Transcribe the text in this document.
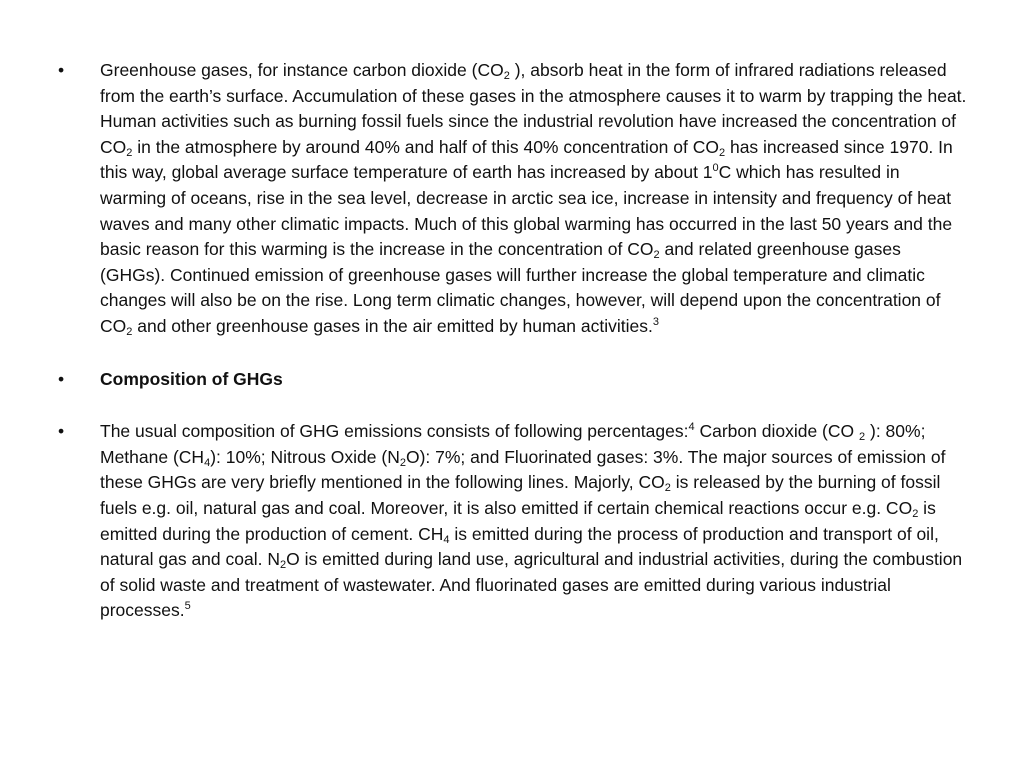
•	Greenhouse gases, for instance carbon dioxide ($CO_2$ ), absorb heat in the form of infrared radiations released from the earth’s surface. Accumulation of these gases in the atmosphere causes it to warm by trapping the heat. Human activities such as burning fossil fuels since the industrial revolution have increased the concentration of $CO_2$ in the atmosphere by around 40% and half of this 40% concentration of $CO_2$ has increased since 1970. In this way, global average surface temperature of earth has increased by about $1^0C$ which has resulted in warming of oceans, rise in the sea level, decrease in arctic sea ice, increase in intensity and frequency of heat waves and many other climatic impacts. Much of this global warming has occurred in the last 50 years and the basic reason for this warming is the increase in the concentration of $CO_2$ and related greenhouse gases (GHGs). Continued emission of greenhouse gases will further increase the global temperature and climatic changes will also be on the rise. Long term climatic changes, however, will depend upon the concentration of $CO_2$ and other greenhouse gases in the air emitted by human activities.$^3$
•	Composition of GHGs
•	The usual composition of GHG emissions consists of following percentages:$^4$ Carbon dioxide (CO $_2$ ): 80%; Methane $(CH_4)$: 10%; Nitrous Oxide $(N_2O)$: 7%; and Fluorinated gases: 3%. The major sources of emission of these GHGs are very briefly mentioned in the following lines. Majorly, $CO_2$ is released by the burning of fossil fuels e.g. oil, natural gas and coal. Moreover, it is also emitted if certain chemical reactions occur e.g. $CO_2$ is emitted during the production of cement. $CH_4$ is emitted during the process of production and transport of oil, natural gas and coal. $N_2O$ is emitted during land use, agricultural and industrial activities, during the combustion of solid waste and treatment of wastewater. And fluorinated gases are emitted during various industrial processes.$^5$
